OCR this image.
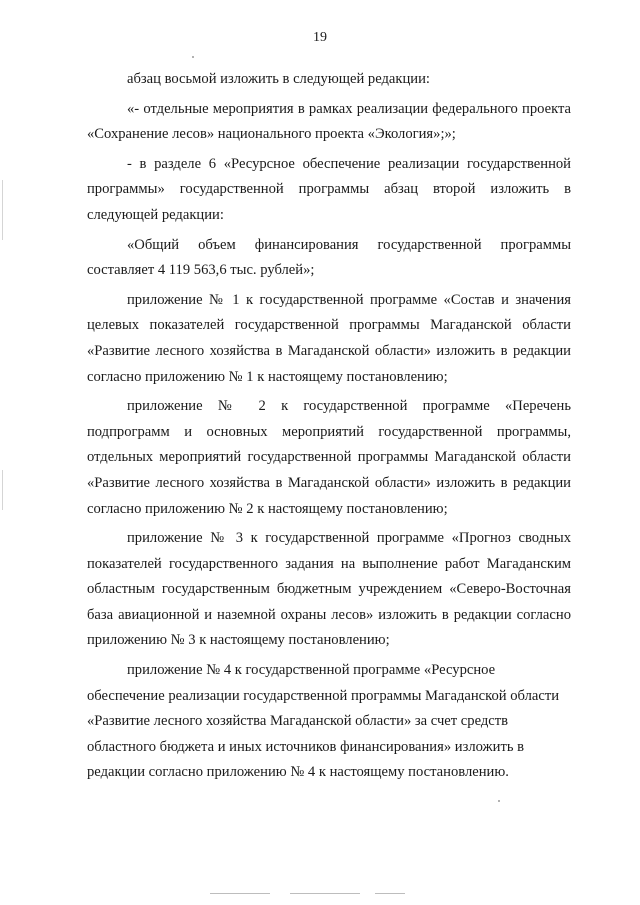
19

абзац восьмой изложить в следующей редакции:

«- отдельные мероприятия в рамках реализации федерального проекта «Сохранение лесов» национального проекта «Экология»;»;

- в разделе 6 «Ресурсное обеспечение реализации государственной программы» государственной программы абзац второй изложить в следующей редакции:

«Общий объем финансирования государственной программы составляет 4 119 563,6 тыс. рублей»;

приложение № 1 к государственной программе «Состав и значения целевых показателей государственной программы Магаданской области «Развитие лесного хозяйства в Магаданской области» изложить в редакции согласно приложению № 1 к настоящему постановлению;

приложение № 2 к государственной программе «Перечень подпрограмм и основных мероприятий государственной программы, отдельных мероприятий государственной программы Магаданской области «Развитие лесного хозяйства в Магаданской области» изложить в редакции согласно приложению № 2 к настоящему постановлению;

приложение № 3 к государственной программе «Прогноз сводных показателей государственного задания на выполнение работ Магаданским областным государственным бюджетным учреждением «Северо-Восточная база авиационной и наземной охраны лесов» изложить в редакции согласно приложению № 3 к настоящему постановлению;

приложение № 4 к государственной программе «Ресурсное обеспечение реализации государственной программы Магаданской области «Развитие лесного хозяйства Магаданской области» за счет средств областного бюджета и иных источников финансирования» изложить в редакции согласно приложению № 4 к настоящему постановлению.
